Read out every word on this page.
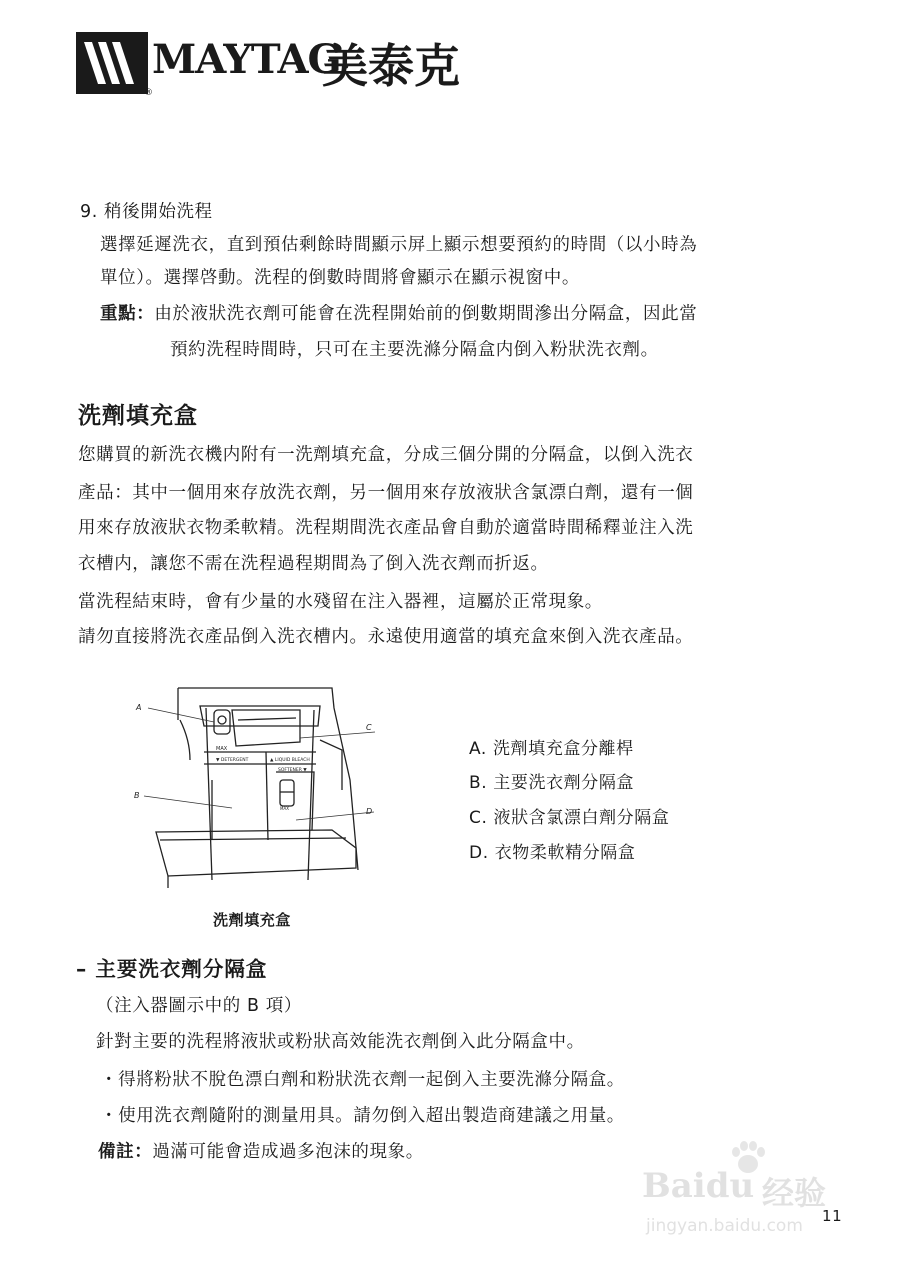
MAYTAG
美泰克
®
9. 稍後開始洗程
選擇延遲洗衣，直到預估剩餘時間顯示屏上顯示想要預約的時間（以小時為
單位）。選擇啓動。洗程的倒數時間將會顯示在顯示視窗中。
重點：由於液狀洗衣劑可能會在洗程開始前的倒數期間滲出分隔盒，因此當
預約洗程時間時，只可在主要洗滌分隔盒内倒入粉狀洗衣劑。
洗劑填充盒
您購買的新洗衣機内附有一洗劑填充盒，分成三個分開的分隔盒，以倒入洗衣
產品：其中一個用來存放洗衣劑，另一個用來存放液狀含氯漂白劑，還有一個
用來存放液狀衣物柔軟精。洗程期間洗衣產品會自動於適當時間稀釋並注入洗
衣槽内，讓您不需在洗程過程期間為了倒入洗衣劑而折返。
當洗程結束時，會有少量的水殘留在注入器裡，這屬於正常現象。
請勿直接將洗衣產品倒入洗衣槽内。永遠使用適當的填充盒來倒入洗衣產品。
MAX
▼ DETERGENT	▲ LIQUID BLEACH
SOFTENER ▼
MAX
A
B
C
D
洗劑填充盒
A. 洗劑填充盒分離桿
B. 主要洗衣劑分隔盒
C. 液狀含氯漂白劑分隔盒
D. 衣物柔軟精分隔盒
– 主要洗衣劑分隔盒
（注入器圖示中的 B 項）
針對主要的洗程將液狀或粉狀高效能洗衣劑倒入此分隔盒中。
・得將粉狀不脫色漂白劑和粉狀洗衣劑一起倒入主要洗滌分隔盒。
・使用洗衣劑隨附的測量用具。請勿倒入超出製造商建議之用量。
備註：過滿可能會造成過多泡沫的現象。
Baidu 经验
jingyan.baidu.com 11
